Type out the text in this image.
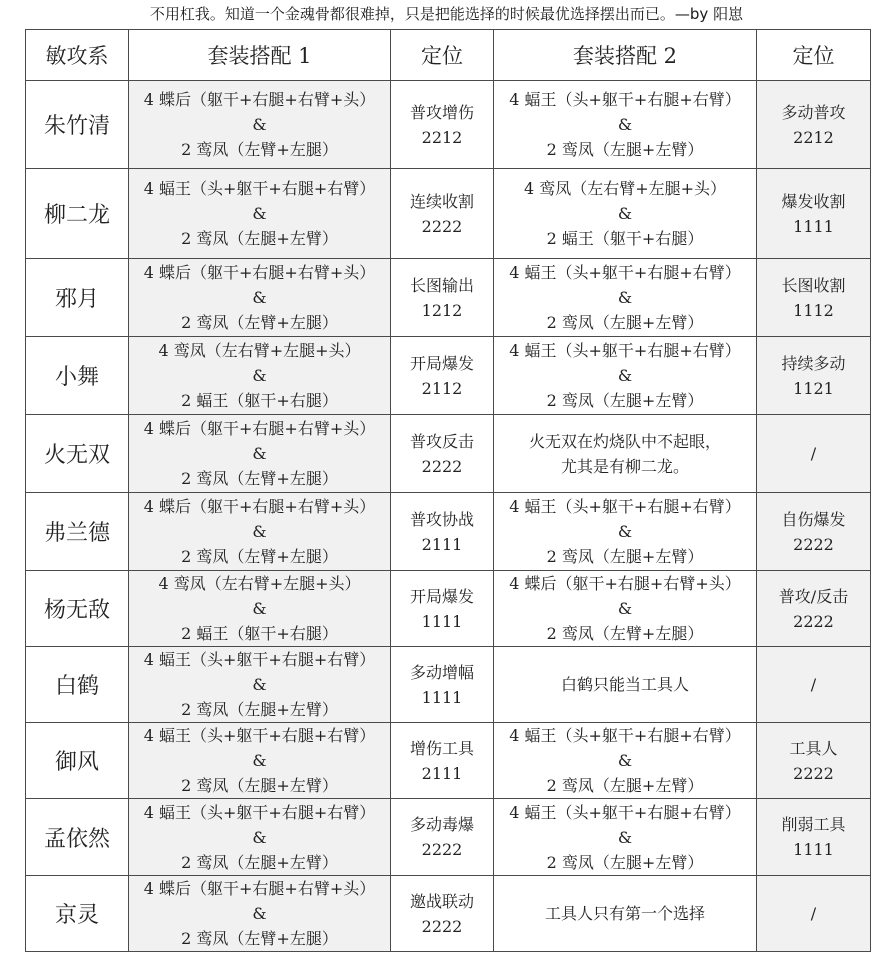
不用杠我。知道一个金魂骨都很难掉，只是把能选择的时候最优选择摆出而已。—by 阳崽
敏攻系	套装搭配 1	定位	套装搭配 2	定位
朱竹清	4 蝶后（躯干+右腿+右臂+头）
&
2 鸾凤（左臂+左腿）	普攻增伤
2212	4 蝠王（头+躯干+右腿+右臂）
&
2 鸾凤（左腿+左臂）	多动普攻
2212

柳二龙	4 蝠王（头+躯干+右腿+右臂）
&
2 鸾凤（左腿+左臂）	连续收割
2222	4 鸾凤（左右臂+左腿+头）
&
2 蝠王（躯干+右腿）	爆发收割
1111

邪月	4 蝶后（躯干+右腿+右臂+头）
&
2 鸾凤（左臂+左腿）	长图输出
1212	4 蝠王（头+躯干+右腿+右臂）
&
2 鸾凤（左腿+左臂）	长图收割
1112

小舞	4 鸾凤（左右臂+左腿+头）
&
2 蝠王（躯干+右腿）	开局爆发
2112	4 蝠王（头+躯干+右腿+右臂）
&
2 鸾凤（左腿+左臂）	持续多动
1121

火无双	4 蝶后（躯干+右腿+右臂+头）
&
2 鸾凤（左臂+左腿）	普攻反击
2222	火无双在灼烧队中不起眼，
尤其是有柳二龙。	/

弗兰德	4 蝶后（躯干+右腿+右臂+头）
&
2 鸾凤（左臂+左腿）	普攻协战
2111	4 蝠王（头+躯干+右腿+右臂）
&
2 鸾凤（左腿+左臂）	自伤爆发
2222

杨无敌	4 鸾凤（左右臂+左腿+头）
&
2 蝠王（躯干+右腿）	开局爆发
1111	4 蝶后（躯干+右腿+右臂+头）
&
2 鸾凤（左臂+左腿）	普攻/反击
2222

白鹤	4 蝠王（头+躯干+右腿+右臂）
&
2 鸾凤（左腿+左臂）	多动增幅
1111	白鹤只能当工具人	/

御风	4 蝠王（头+躯干+右腿+右臂）
&
2 鸾凤（左腿+左臂）	增伤工具
2111	4 蝠王（头+躯干+右腿+右臂）
&
2 鸾凤（左腿+左臂）	工具人
2222

孟依然	4 蝠王（头+躯干+右腿+右臂）
&
2 鸾凤（左腿+左臂）	多动毒爆
2222	4 蝠王（头+躯干+右腿+右臂）
&
2 鸾凤（左腿+左臂）	削弱工具
1111

京灵	4 蝶后（躯干+右腿+右臂+头）
&
2 鸾凤（左臂+左腿）	邀战联动
2222	工具人只有第一个选择	/
